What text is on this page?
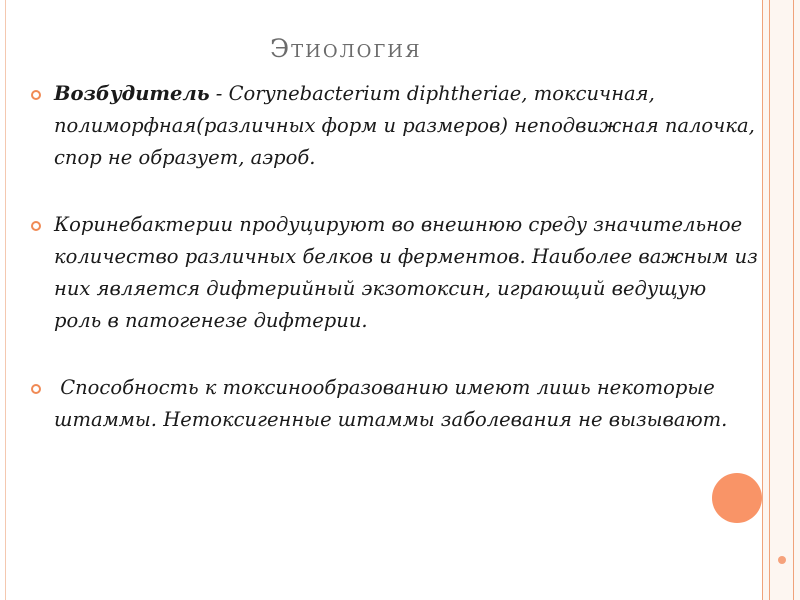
Этиология
Возбудитель - Corynebacterium diphtheriae, токсичная, полиморфная(различных форм и размеров) неподвижная палочка, спор не образует, аэроб.
Коринебактерии продуцируют во внешнюю среду значительное количество различных белков и ферментов. Наиболее важным из них является дифтерийный экзотоксин, играющий ведущую роль в патогенезе дифтерии.
Способность к токсинообразованию имеют лишь некоторые штаммы. Нетоксигенные штаммы заболевания не вызывают.
